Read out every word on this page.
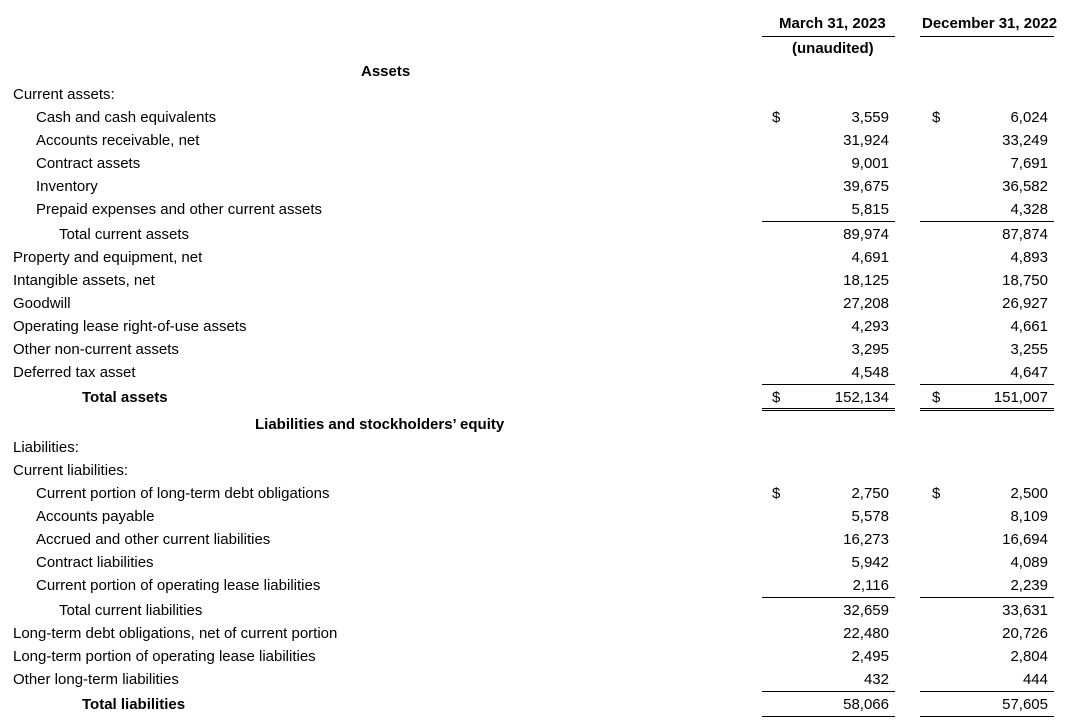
March 31, 2023
(unaudited)
December 31, 2022
Assets
Current assets:
Cash and cash equivalents	$	3,559	$	6,024
Accounts receivable, net	31,924	33,249
Contract assets	9,001	7,691
Inventory	39,675	36,582
Prepaid expenses and other current assets	5,815	4,328
Total current assets	89,974	87,874
Property and equipment, net	4,691	4,893
Intangible assets, net	18,125	18,750
Goodwill	27,208	26,927
Operating lease right-of-use assets	4,293	4,661
Other non-current assets	3,295	3,255
Deferred tax asset	4,548	4,647
Total assets	$	152,134	$	151,007
Liabilities and stockholders’ equity
Liabilities:
Current liabilities:
Current portion of long-term debt obligations	$	2,750	$	2,500
Accounts payable	5,578	8,109
Accrued and other current liabilities	16,273	16,694
Contract liabilities	5,942	4,089
Current portion of operating lease liabilities	2,116	2,239
Total current liabilities	32,659	33,631
Long-term debt obligations, net of current portion	22,480	20,726
Long-term portion of operating lease liabilities	2,495	2,804
Other long-term liabilities	432	444
Total liabilities	58,066	57,605
